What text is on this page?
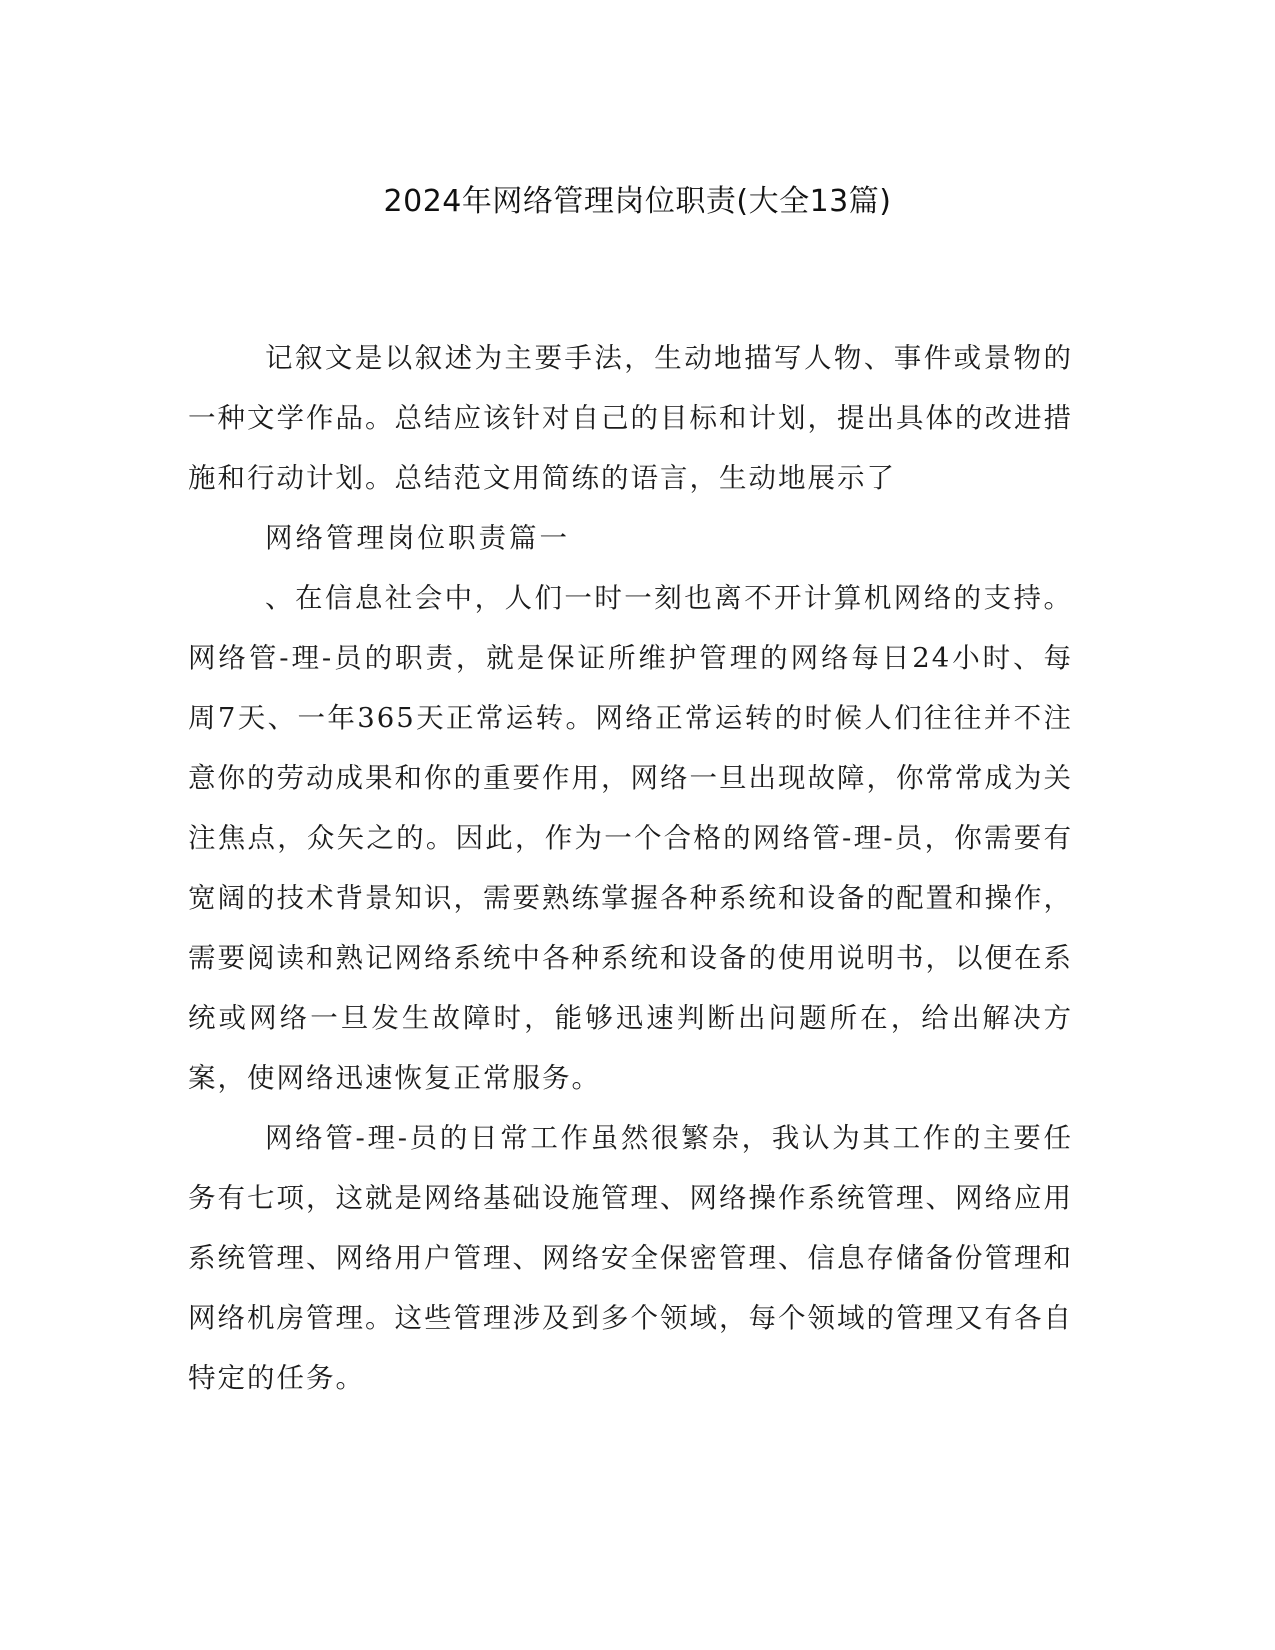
2024年网络管理岗位职责(大全13篇)

记叙文是以叙述为主要手法，生动地描写人物、事件或景物的一种文学作品。总结应该针对自己的目标和计划，提出具体的改进措施和行动计划。总结范文用简练的语言，生动地展示了

网络管理岗位职责篇一

、在信息社会中，人们一时一刻也离不开计算机网络的支持。网络管-理-员的职责，就是保证所维护管理的网络每日24小时、每周7天、一年365天正常运转。网络正常运转的时候人们往往并不注意你的劳动成果和你的重要作用，网络一旦出现故障，你常常成为关注焦点，众矢之的。因此，作为一个合格的网络管-理-员，你需要有宽阔的技术背景知识，需要熟练掌握各种系统和设备的配置和操作，需要阅读和熟记网络系统中各种系统和设备的使用说明书，以便在系统或网络一旦发生故障时，能够迅速判断出问题所在，给出解决方案，使网络迅速恢复正常服务。

网络管-理-员的日常工作虽然很繁杂，我认为其工作的主要任务有七项，这就是网络基础设施管理、网络操作系统管理、网络应用系统管理、网络用户管理、网络安全保密管理、信息存储备份管理和网络机房管理。这些管理涉及到多个领域，每个领域的管理又有各自特定的任务。
